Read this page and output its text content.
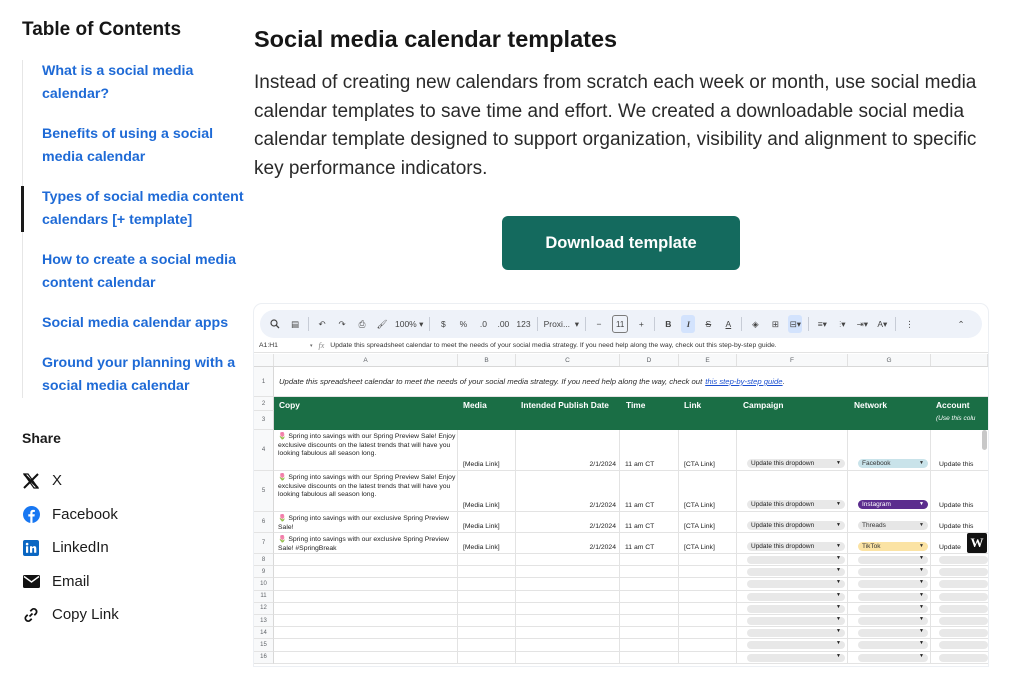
Table of Contents
What is a social media
calendar?
Benefits of using a social
media calendar
Types of social media content
calendars [+ template]
How to create a social media
content calendar
Social media calendar apps
Ground your planning with a
social media calendar
Share
X
Facebook
LinkedIn
Email
Copy Link
Social media calendar templates

Instead of creating new calendars from scratch each week or month, use social media calendar templates to save time and effort. We created a downloadable social media calendar template designed to support organization, visibility and alignment to specific key performance indicators.

Download template
▤	↶	↷	⎙	🖌 100% ▾	$	%	.0	.00 123 Proxi... ▾	−	11	+	B I S A	◈	⊞	⊟▾ ≡▾	⫶▾	⇥▾ A▾	⋮	⌃
A1:H1	▾ fx Update this spreadsheet calendar to meet the needs of your social media strategy. If you need help along the way, check out this step-by-step guide.
A	B	C	D	E	F	G
1
2
3
Update this spreadsheet calendar to meet the needs of your social media strategy. If you need help along the way, check out this step-by-step guide .
Copy	Media	Intended Publish Date Time	Link	Campaign	Network	Account
(Use this colu
4
🌷 Spring into savings with our Spring Preview Sale! Enjoy exclusive discounts on the latest trends that will have you looking fabulous all season long.
[Media Link]	2/1/2024 11 am CT	[CTA Link]	Update this dropdown	▼	Facebook	▼ Update this
5
🌷 Spring into savings with our Spring Preview Sale! Enjoy exclusive discounts on the latest trends that will have you looking fabulous all season long.
[Media Link]	2/1/2024 11 am CT	[CTA Link]	Update this dropdown	▼	Instagram	▼ Update this
6	🌷 Spring into savings with our exclusive Spring Preview Sale!	[Media Link]	2/1/2024 11 am CT	[CTA Link]	Update this dropdown	▼	Threads	▼ Update this
7	🌷 Spring into savings with our exclusive Spring Preview Sale! #SpringBreak	[Media Link]	2/1/2024 11 am CT	[CTA Link]	Update this dropdown	▼	TikTok	▼ Update
8	▼	▼
9	▼	▼
10	▼	▼
11	▼	▼
12	▼	▼
13	▼	▼
14	▼	▼
15	▼	▼
16	▼	▼
W
